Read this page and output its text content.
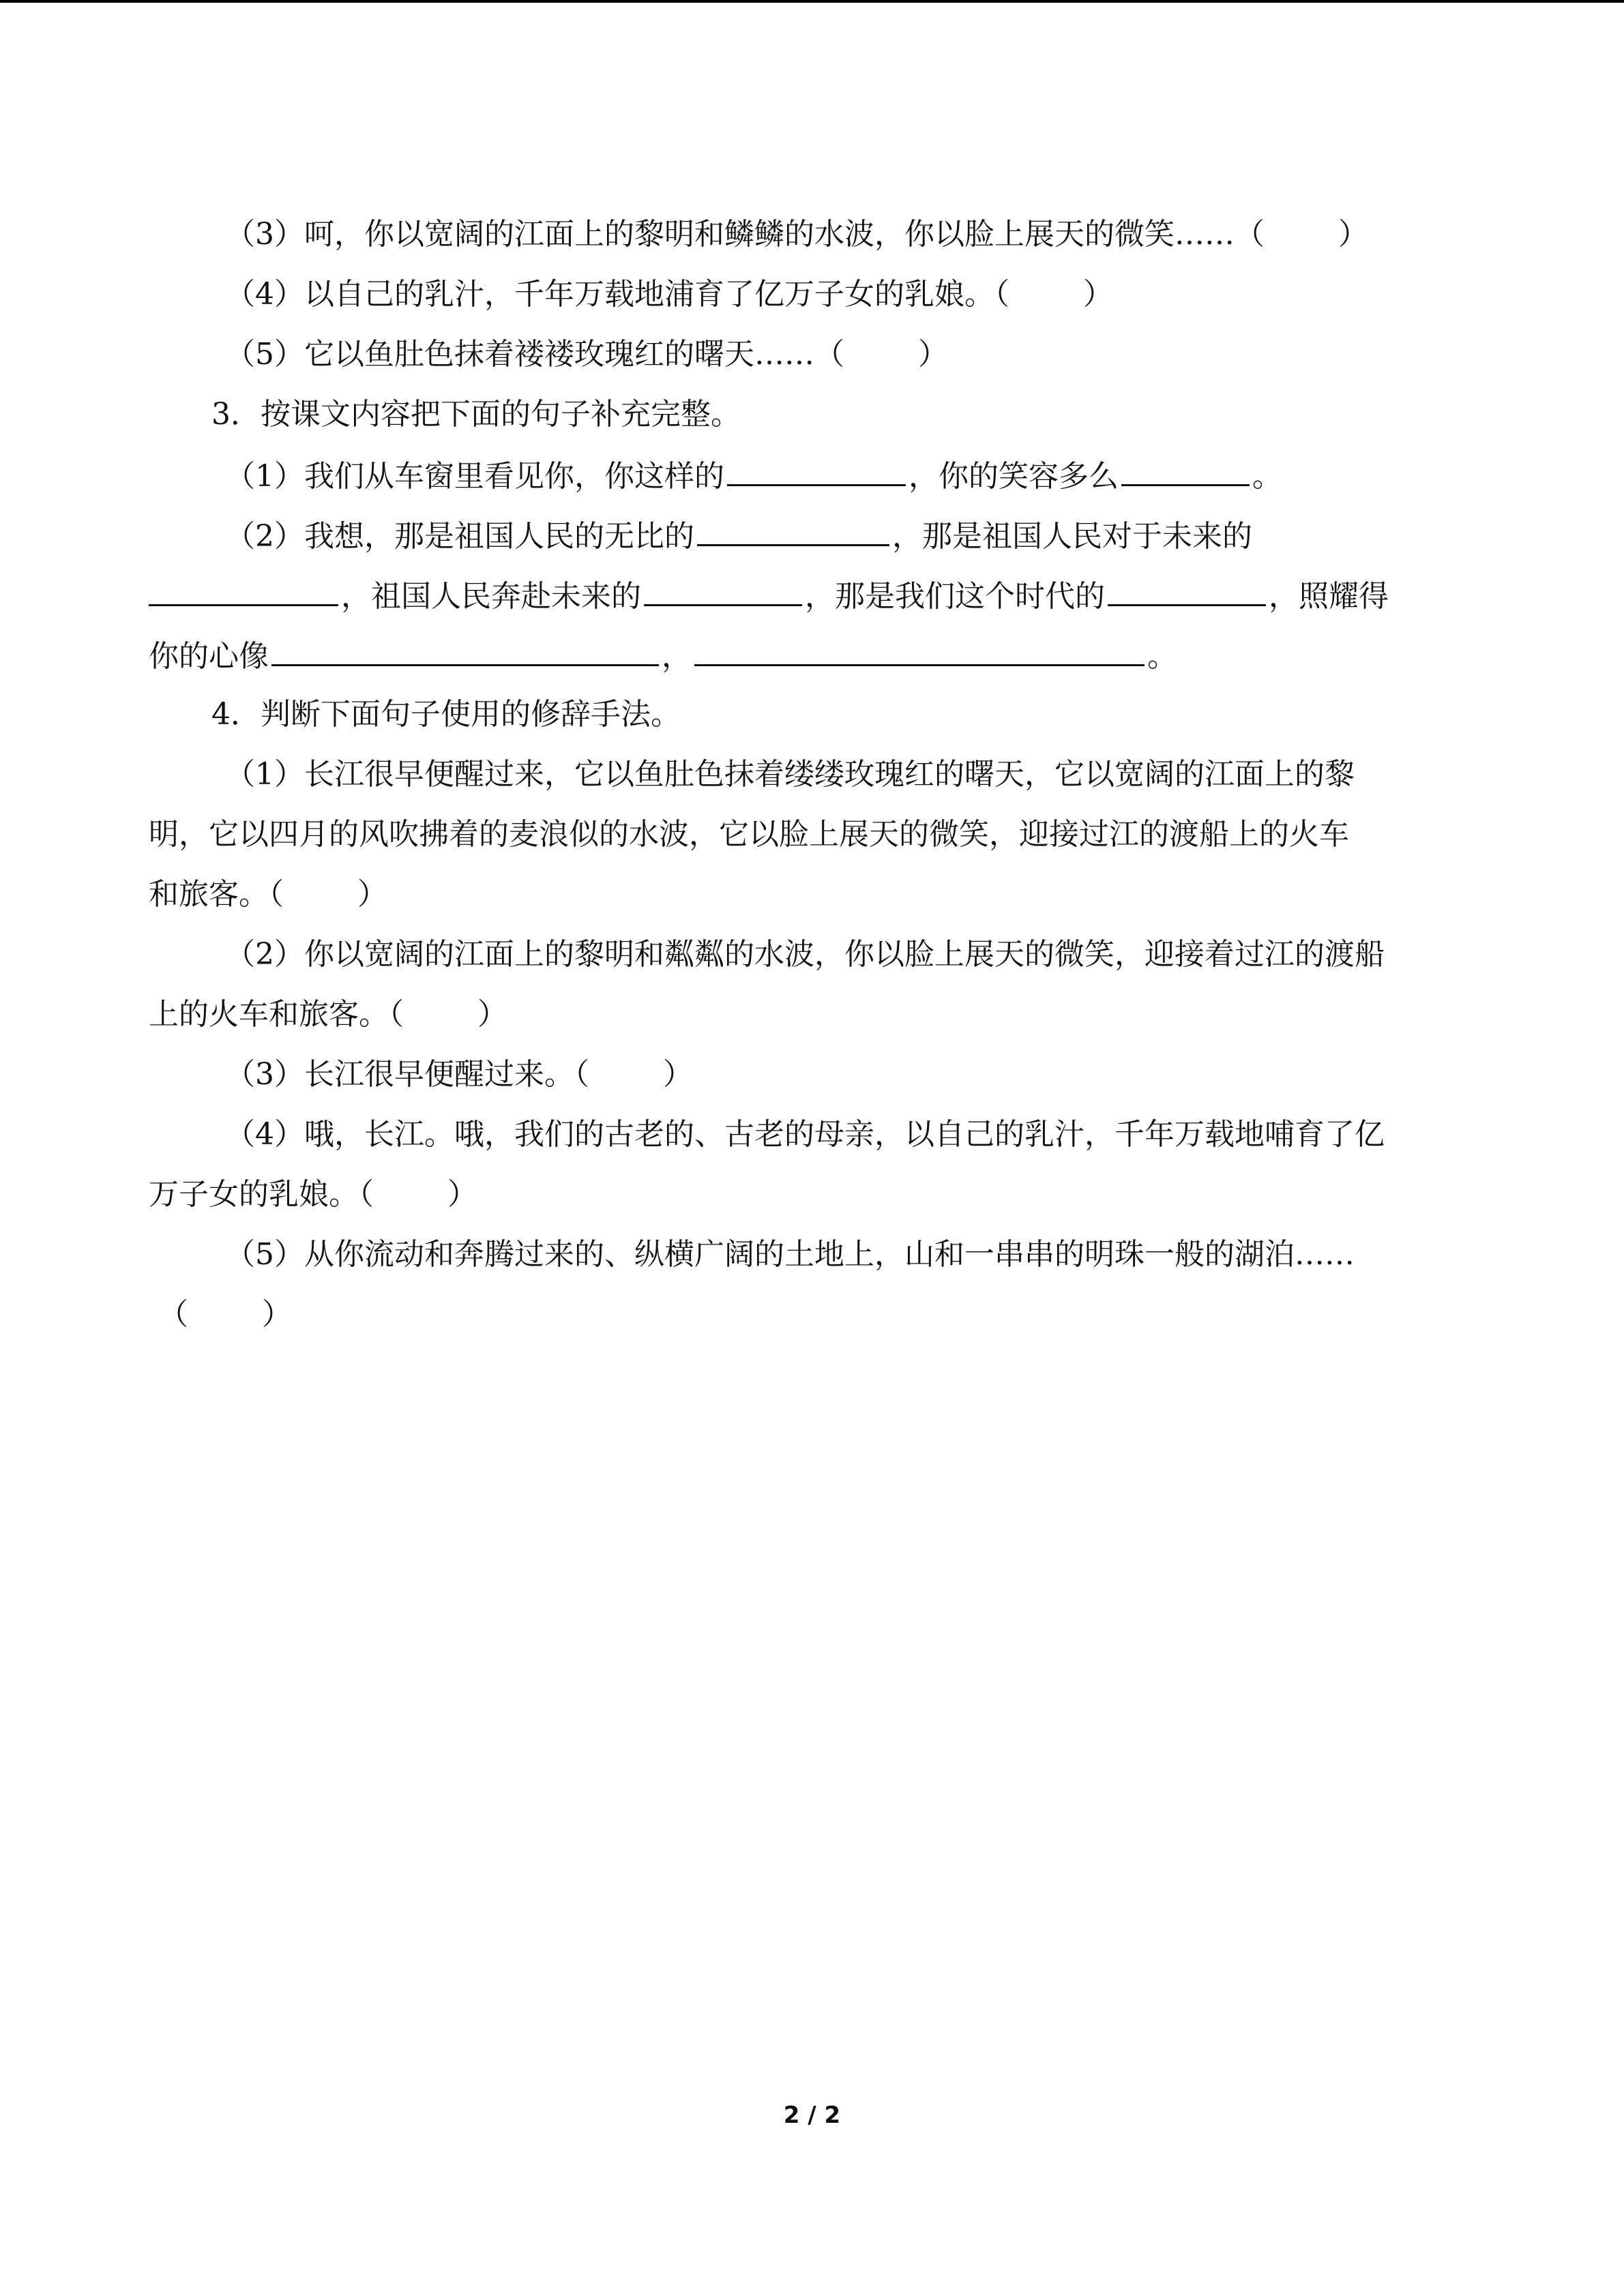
（3）呵，你以宽阔的江面上的黎明和鳞鳞的水波，你以脸上展天的微笑……（ ）
（4）以自己的乳汁，千年万载地浦育了亿万子女的乳娘。（ ）
（5）它以鱼肚色抹着褛褛玫瑰红的曙天……（ ）
3．按课文内容把下面的句子补充完整。
（1）我们从车窗里看见你，你这样的	，你的笑容多么	。
（2）我想，那是祖国人民的无比的	，那是祖国人民对于未来的
，祖国人民奔赴未来的	，那是我们这个时代的	，照耀得
你的心像	，	。
4．判断下面句子使用的修辞手法。
（1）长江很早便醒过来，它以鱼肚色抹着缕缕玫瑰红的曙天，它以宽阔的江面上的黎
明，它以四月的风吹拂着的麦浪似的水波，它以脸上展天的微笑，迎接过江的渡船上的火车
和旅客。（ ）
（2）你以宽阔的江面上的黎明和粼粼的水波，你以脸上展天的微笑，迎接着过江的渡船
上的火车和旅客。（ ）
（3）长江很早便醒过来。（ ）
（4）哦，长江。哦，我们的古老的、古老的母亲，以自己的乳汁，千年万载地哺育了亿
万子女的乳娘。（ ）
（5）从你流动和奔腾过来的、纵横广阔的土地上，山和一串串的明珠一般的湖泊……
（ ）
2 / 2
